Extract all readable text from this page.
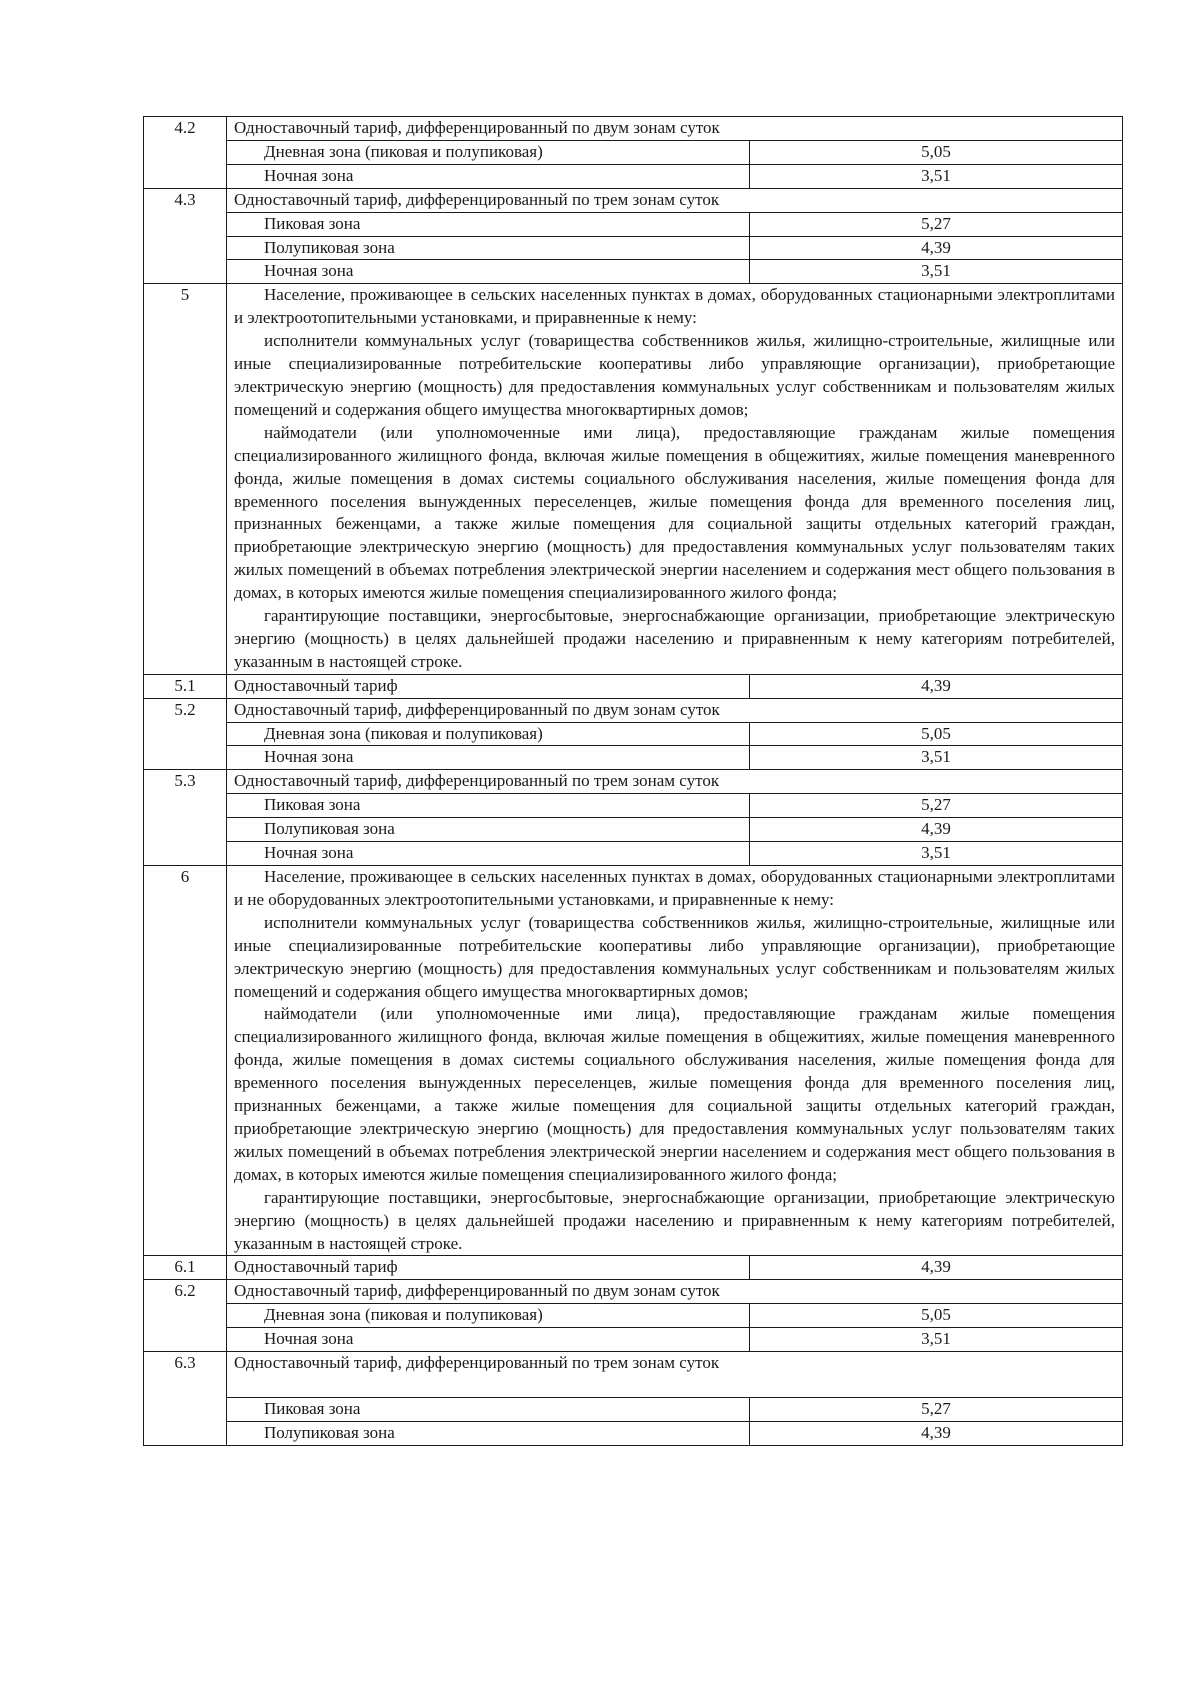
4.2	Одноставочный тариф, дифференцированный по двум зонам суток	
	Дневная зона (пиковая и полупиковая)	5,05
	Ночная зона	3,51
4.3	Одноставочный тариф, дифференцированный по трем зонам суток	
	Пиковая зона	5,27
	Полупиковая зона	4,39
	Ночная зона	3,51
5	Население, проживающее в сельских населенных пунктах в домах, оборудованных стационарными электроплитами и электроотопительными установками, и приравненные к нему:
исполнители коммунальных услуг (товарищества собственников жилья, жилищно-строительные, жилищные или иные специализированные потребительские кооперативы либо управляющие организации), приобретающие электрическую энергию (мощность) для предоставления коммунальных услуг собственникам и пользователям жилых помещений и содержания общего имущества многоквартирных домов;
наймодатели (или уполномоченные ими лица), предоставляющие гражданам жилые помещения специализированного жилищного фонда, включая жилые помещения в общежитиях, жилые помещения маневренного фонда, жилые помещения в домах системы социального обслуживания населения, жилые помещения фонда для временного поселения вынужденных переселенцев, жилые помещения фонда для временного поселения лиц, признанных беженцами, а также жилые помещения для социальной защиты отдельных категорий граждан, приобретающие электрическую энергию (мощность) для предоставления коммунальных услуг пользователям таких жилых помещений в объемах потребления электрической энергии населением и содержания мест общего пользования в домах, в которых имеются жилые помещения специализированного жилого фонда;
гарантирующие поставщики, энергосбытовые, энергоснабжающие организации, приобретающие электрическую энергию (мощность) в целях дальнейшей продажи населению и приравненным к нему категориям потребителей, указанным в настоящей строке.	

5.1	Одноставочный тариф	4,39
5.2	Одноставочный тариф, дифференцированный по двум зонам суток	
	Дневная зона (пиковая и полупиковая)	5,05
	Ночная зона	3,51
5.3	Одноставочный тариф, дифференцированный по трем зонам суток	
	Пиковая зона	5,27
	Полупиковая зона	4,39
	Ночная зона	3,51
6	Население, проживающее в сельских населенных пунктах в домах, оборудованных стационарными электроплитами и не оборудованных электроотопительными установками, и приравненные к нему:
исполнители коммунальных услуг (товарищества собственников жилья, жилищно-строительные, жилищные или иные специализированные потребительские кооперативы либо управляющие организации), приобретающие электрическую энергию (мощность) для предоставления коммунальных услуг собственникам и пользователям жилых помещений и содержания общего имущества многоквартирных домов;
наймодатели (или уполномоченные ими лица), предоставляющие гражданам жилые помещения специализированного жилищного фонда, включая жилые помещения в общежитиях, жилые помещения маневренного фонда, жилые помещения в домах системы социального обслуживания населения, жилые помещения фонда для временного поселения вынужденных переселенцев, жилые помещения фонда для временного поселения лиц, признанных беженцами, а также жилые помещения для социальной защиты отдельных категорий граждан, приобретающие электрическую энергию (мощность) для предоставления коммунальных услуг пользователям таких жилых помещений в объемах потребления электрической энергии населением и содержания мест общего пользования в домах, в которых имеются жилые помещения специализированного жилого фонда;
гарантирующие поставщики, энергосбытовые, энергоснабжающие организации, приобретающие электрическую энергию (мощность) в целях дальнейшей продажи населению и приравненным к нему категориям потребителей, указанным в настоящей строке.	

6.1	Одноставочный тариф	4,39
6.2	Одноставочный тариф, дифференцированный по двум зонам суток	
	Дневная зона (пиковая и полупиковая)	5,05
	Ночная зона	3,51
6.3	Одноставочный тариф, дифференцированный по трем зонам суток	
	Пиковая зона	5,27
	Полупиковая зона	4,39
